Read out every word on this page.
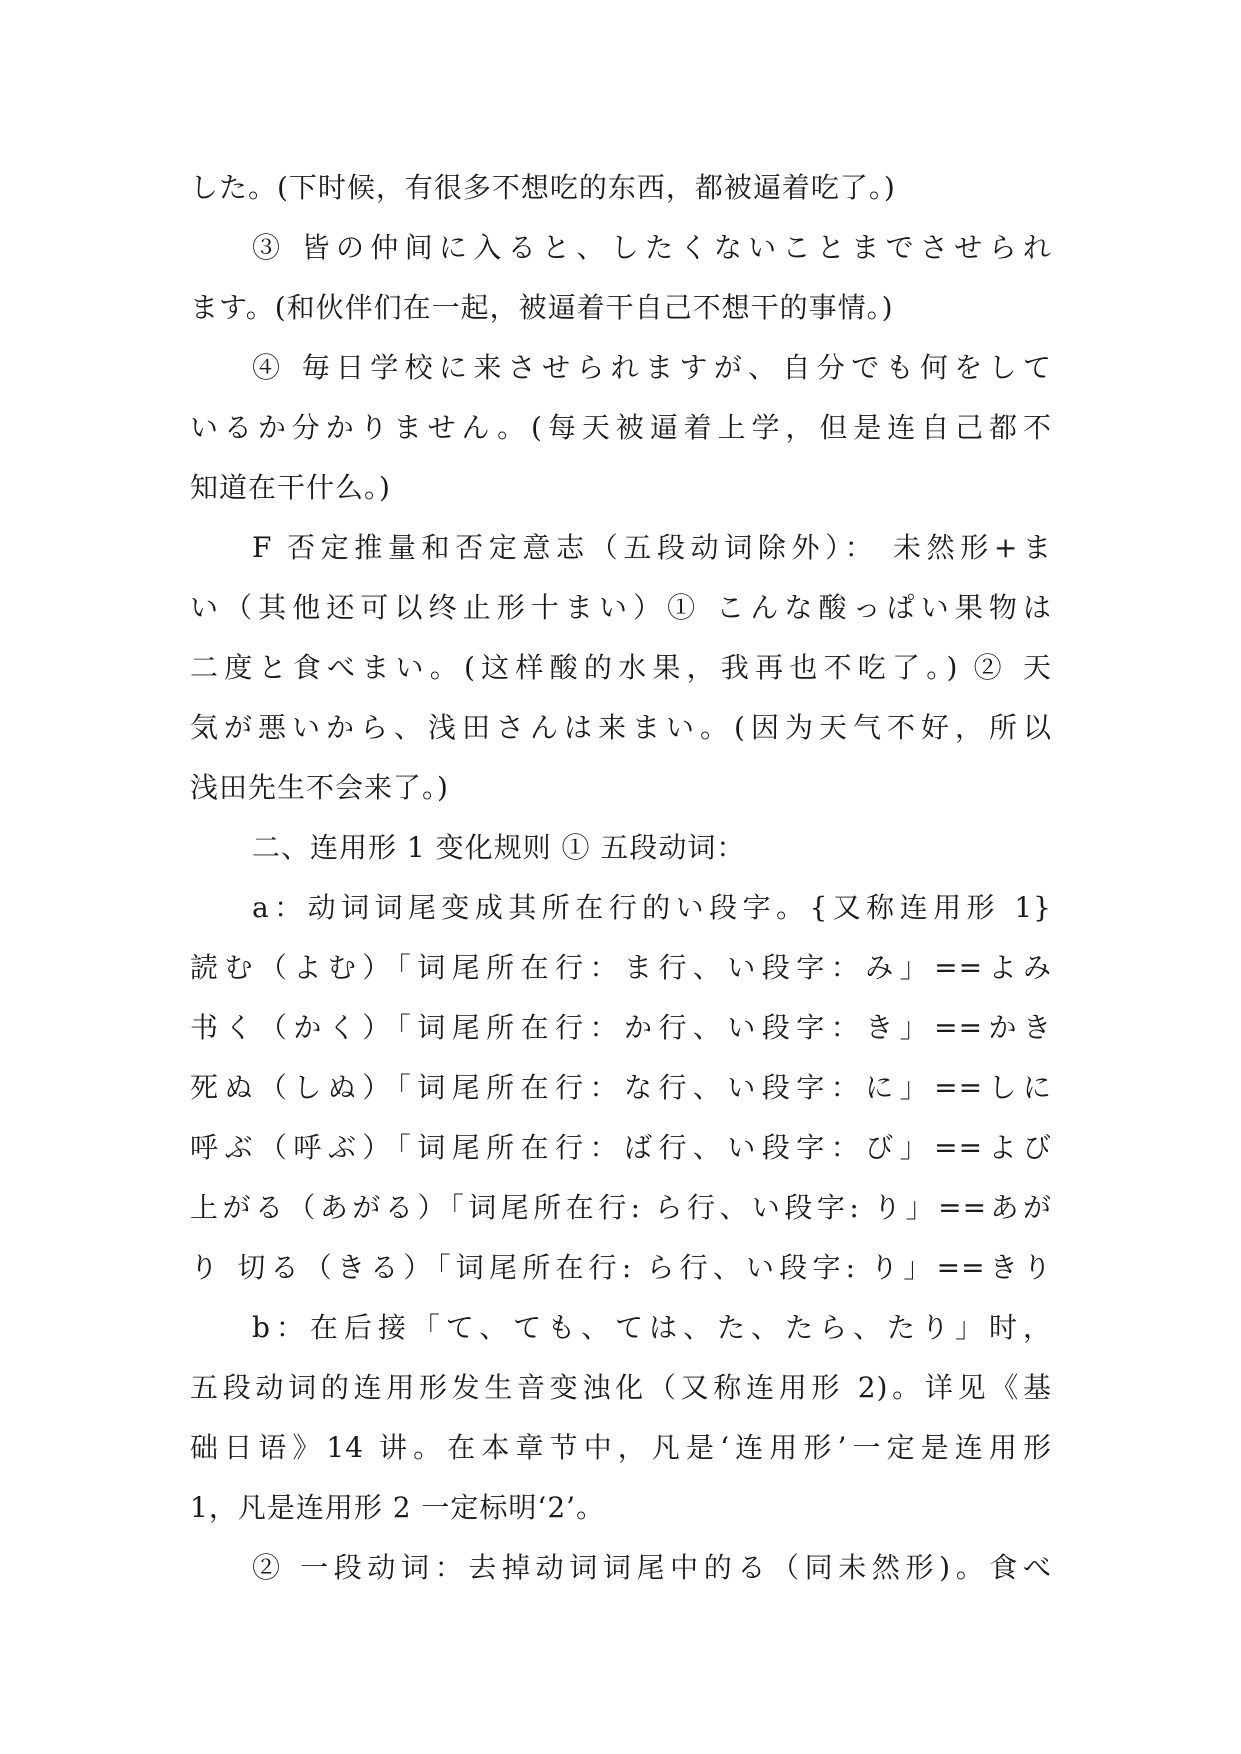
した。(下时候，有很多不想吃的东西，都被逼着吃了。)
③ 皆の仲间に入ると、したくないことまでさせられ
ます。(和伙伴们在一起，被逼着干自己不想干的事情。)
④ 毎日学校に来させられますが、自分でも何をして
いるか分かりません。(每天被逼着上学，但是连自己都不
知道在干什么。)
F 否定推量和否定意志（五段动词除外）： 未然形+ま
い（其他还可以终止形十まい）① こんな酸っぱい果物は
二度と食べまい。(这样酸的水果，我再也不吃了。) ② 天
気が悪いから、浅田さんは来まい。(因为天气不好，所以
浅田先生不会来了。)
二、连用形 1 变化规则 ① 五段动词：
a：动词词尾变成其所在行的い段字。{又称连用形 1}
読む（よむ）「词尾所在行：ま行、い段字：み」==よみ
书く（かく）「词尾所在行：か行、い段字：き」==かき
死ぬ（しぬ）「词尾所在行：な行、い段字：に」==しに
呼ぶ（呼ぶ）「词尾所在行：ば行、い段字：び」==よび
上がる（あがる）「词尾所在行: ら行、い段字: り」==あが
り 切る（きる）「词尾所在行: ら行、い段字: り」==きり
b：在后接「て、ても、ては、た、たら、たり」时，
五段动词的连用形发生音变浊化（又称连用形 2)。详见《基
础日语》14 讲。在本章节中，凡是‘连用形’一定是连用形
1，凡是连用形 2 一定标明‘2’。
② 一段动词：去掉动词词尾中的る（同未然形)。食べ
